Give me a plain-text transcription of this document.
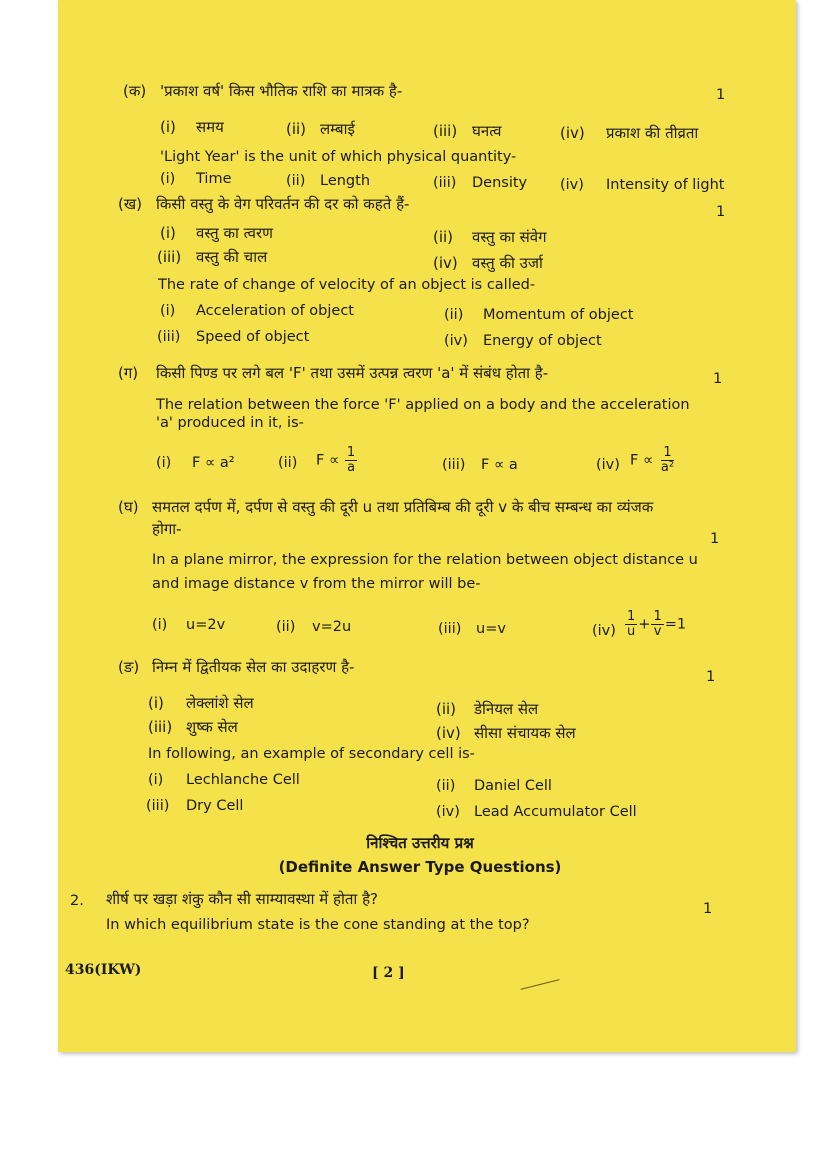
(क) 'प्रकाश वर्ष' किस भौतिक राशि का मात्रक है-	1
(i) समय	(ii) लम्बाई	(iii) घनत्व	(iv) प्रकाश की तीव्रता
'Light Year' is the unit of which physical quantity-
(i) Time	(ii) Length	(iii) Density (iv) Intensity of light
(ख) किसी वस्तु के वेग परिवर्तन की दर को कहते हैं-	1
(i) वस्तु का त्वरण	(ii) वस्तु का संवेग
(iii) वस्तु की चाल	(iv) वस्तु की उर्जा
The rate of change of velocity of an object is called-
(i) Acceleration of object	(ii) Momentum of object
(iii) Speed of object	(iv) Energy of object
(ग) किसी पिण्ड पर लगे बल 'F' तथा उसमें उत्पन्न त्वरण 'a' में संबंध होता है-	1
The relation between the force 'F' applied on a body and the acceleration
'a' produced in it, is-
(i) F ∝ a²	(ii) $F \propto \frac{1}{a}$	(iii) F ∝ a	(iv) $F \propto \frac{1}{\text{a²}}$
(घ) समतल दर्पण में, दर्पण से वस्तु की दूरी u तथा प्रतिबिम्ब की दूरी v के बीच सम्बन्ध का व्यंजक
होगा-
1
In a plane mirror, the expression for the relation between object distance u
and image distance v from the mirror will be-
(i) u=2v	(ii) v=2u	(iii) u=v	$(iv) \frac{1}{u} + \frac{1}{v} =1$
(ङ) निम्न में द्वितीयक सेल का उदाहरण है-
1
(i) लेक्लांशे सेल	(ii) डेनियल सेल
(iii) शुष्क सेल	(iv) सीसा संचायक सेल
In following, an example of secondary cell is-
(i) Lechlanche Cell	(ii) Daniel Cell
(iii) Dry Cell	(iv) Lead Accumulator Cell
निश्चित उत्तरीय प्रश्न
(Definite Answer Type Questions)
2. शीर्ष पर खड़ा शंकु कौन सी साम्यावस्था में होता है?
1
In which equilibrium state is the cone standing at the top?
436(IKW)	[ 2 ]
